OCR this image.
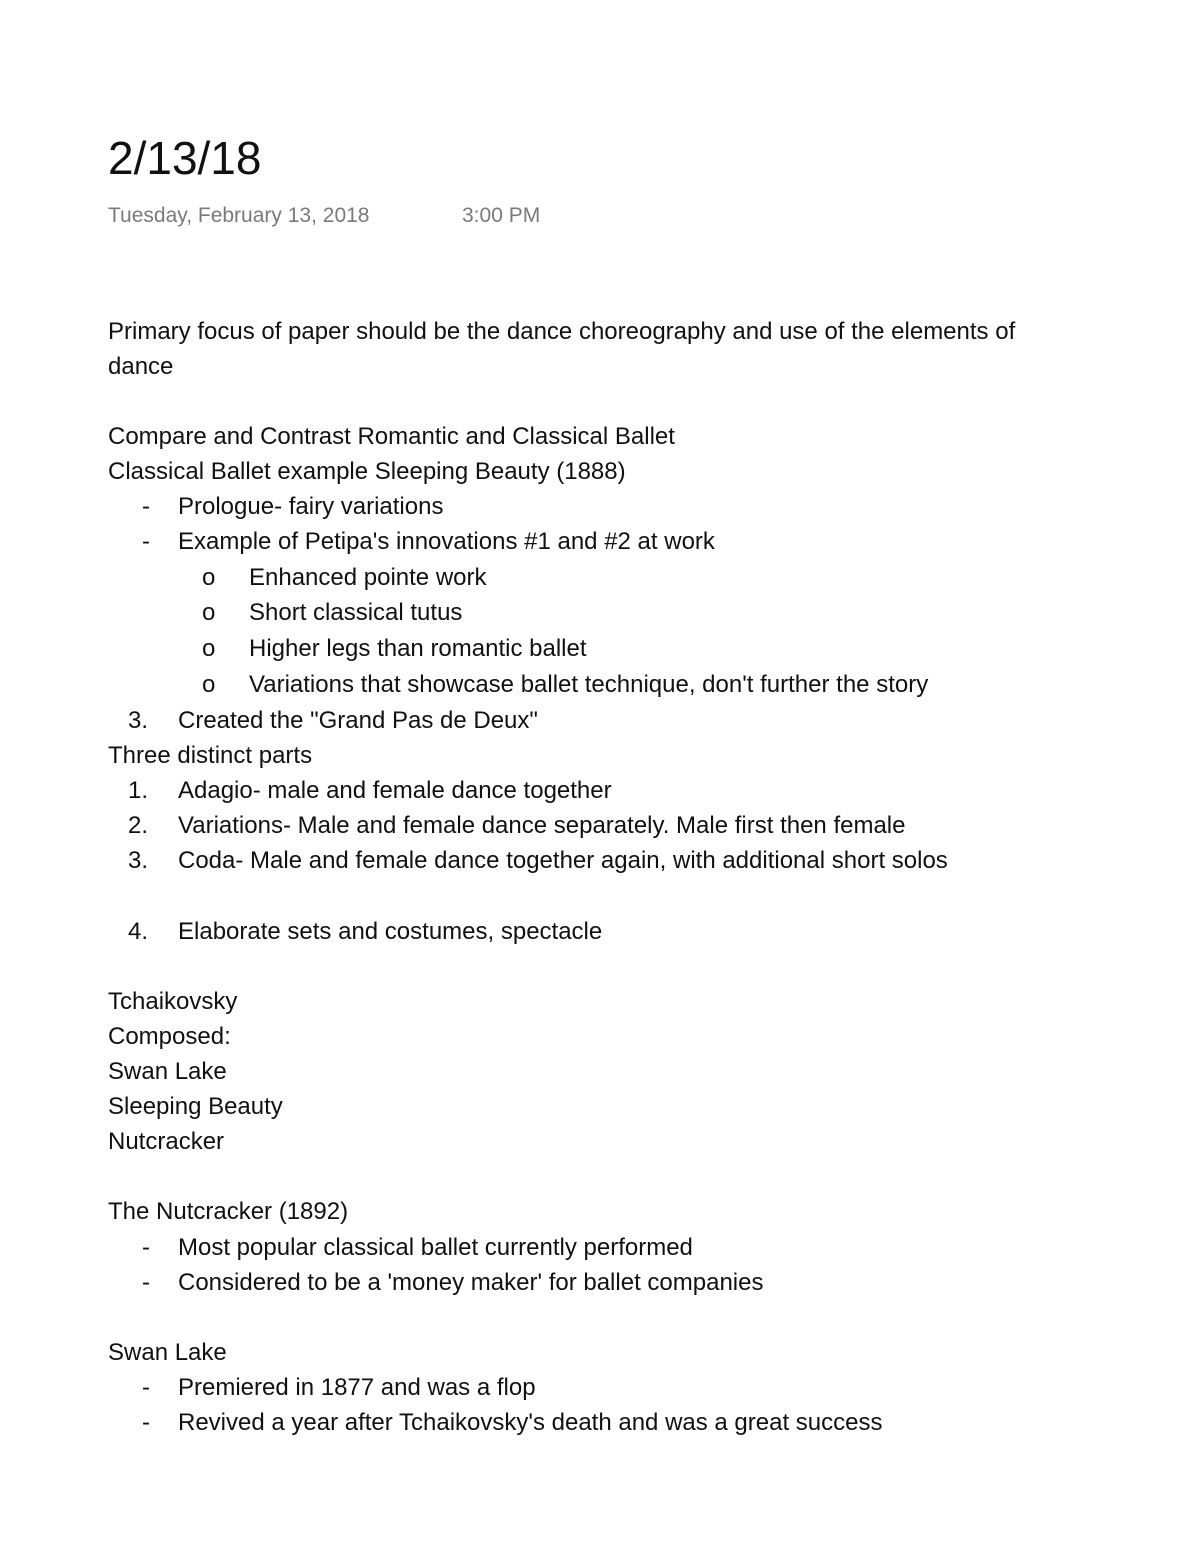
2/13/18
Tuesday, February 13, 2018	3:00 PM
Primary focus of paper should be the dance choreography and use of the elements of
dance
Compare and Contrast Romantic and Classical Ballet
Classical Ballet example Sleeping Beauty (1888)
- Prologue- fairy variations
- Example of Petipa's innovations #1 and #2 at work
o Enhanced pointe work
o Short classical tutus
o Higher legs than romantic ballet
o Variations that showcase ballet technique, don't further the story
3. Created the "Grand Pas de Deux"
Three distinct parts
1. Adagio- male and female dance together
2. Variations- Male and female dance separately. Male first then female
3. Coda- Male and female dance together again, with additional short solos
4. Elaborate sets and costumes, spectacle
Tchaikovsky
Composed:
Swan Lake
Sleeping Beauty
Nutcracker
The Nutcracker (1892)
- Most popular classical ballet currently performed
- Considered to be a 'money maker' for ballet companies
Swan Lake
- Premiered in 1877 and was a flop
- Revived a year after Tchaikovsky's death and was a great success
